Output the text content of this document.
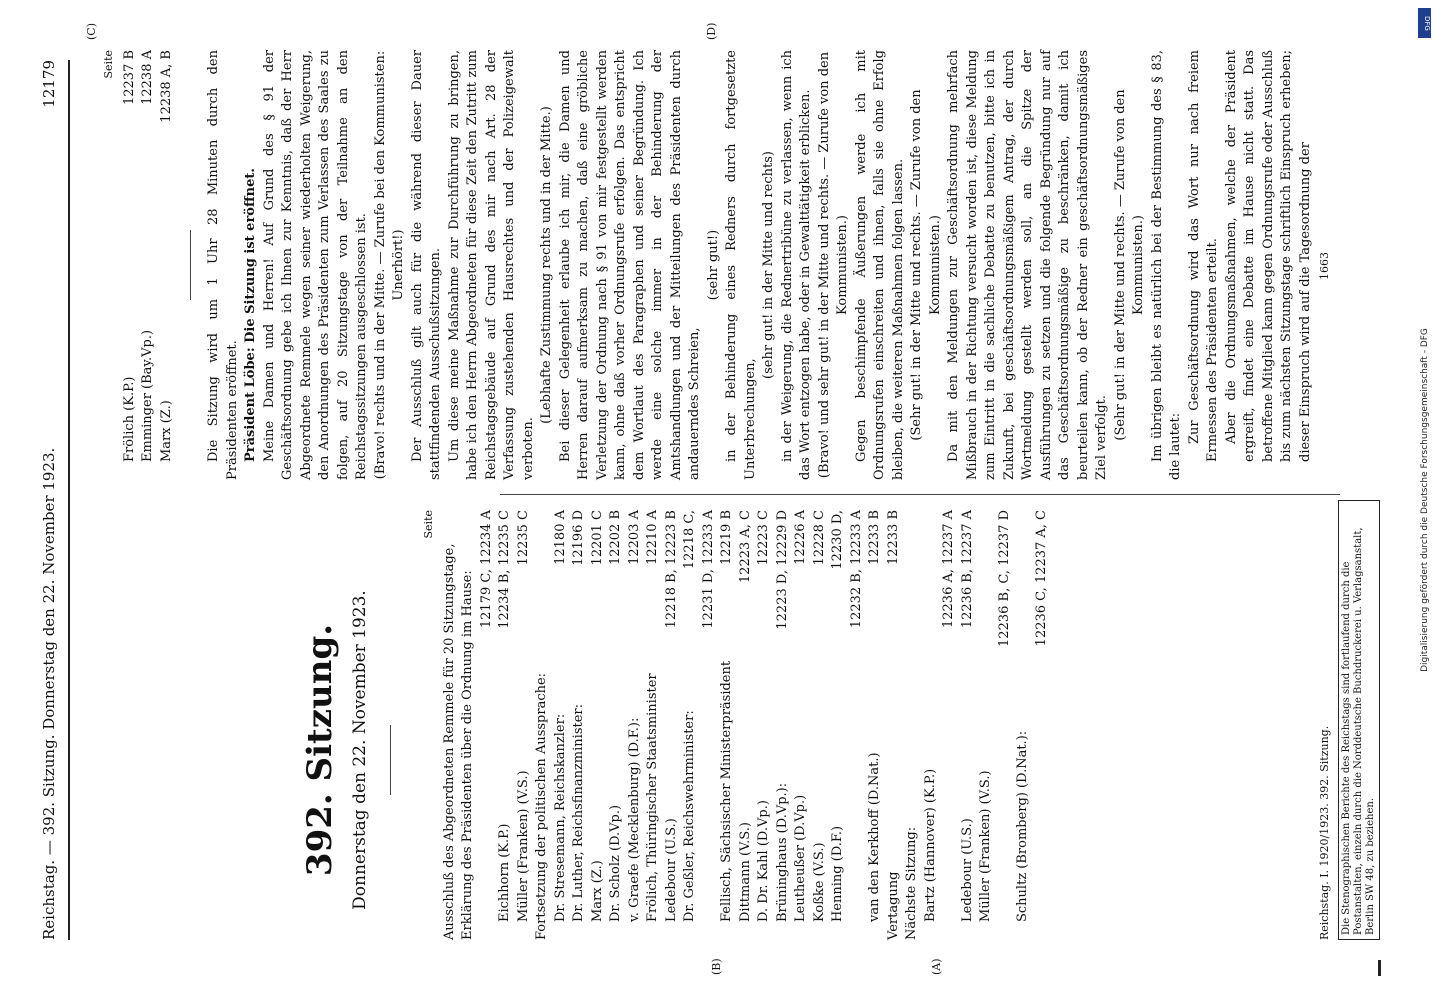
Reichstag. — 392. Sitzung. Donnerstag den 22. November 1923.
12179
(A)
(B)
(C)	(D)
392. Sitzung. Donnerstag den 22. November 1923.
Seite
Ausschluß des Abgeordneten Remmele für 20 Sitzungstage, Erklärung des Präsidenten über die Ordnung im Hause:
12179 C, 12234 A
Eichhorn (K.P.)
12234 B, 12235 C
Müller (Franken) (V.S.)
12235 C
Fortsetzung der politischen Aussprache: Dr. Stresemann, Reichskanzler:
12180 A
Dr. Luther, Reichsfinanzminister:
12196 D
Marx (Z.)
12201 C
Dr. Scholz (D.Vp.)
12202 B
v. Graefe (Mecklenburg) (D.F.):
12203 A
Frölich, Thüringischer Staatsminister
12210 A
Ledebour (U.S.)
12218 B, 12223 B
Dr. Geßler, Reichswehrminister:
12218 C, 12231 D, 12233 A
Fellisch, Sächsischer Ministerpräsident
12219 B
Dittmann (V.S.)
12223 A, C
D. Dr. Kahl (D.Vp.)
12223 C
Brüninghaus (D.Vp.):
12223 D, 12229 D
Leutheußer (D.Vp.)
12226 A
Koßke (V.S.)
12228 C
Henning (D.F.)
12230 D, 12232 B, 12233 A
van den Kerkhoff (D.Nat.)
12233 B
Vertagung
12233 B
Nächste Sitzung: Bartz (Hannover) (K.P.)
12236 A, 12237 A
Ledebour (U.S.)
12236 B, 12237 A
Müller (Franken) (V.S.)
12236 B, C, 12237 D
Schultz (Bromberg) (D.Nat.):
12236 C, 12237 A, C
Seite
Frölich (K.P.)
12237 B
Emminger (Bay.Vp.)
12238 A
Marx (Z.)
12238 A, B	Die Sitzung wird um 1 Uhr 28 Minuten durch den Präsidenten eröffnet. Präsident Löbe: Die Sitzung ist eröffnet. Meine Damen und Herren! Auf Grund des § 91 der Geschäftsordnung gebe ich Ihnen zur Kenntnis, daß der Herr Abgeordnete Remmele wegen seiner wiederholten Weigerung, den Anordnungen des Präsidenten zum Verlassen des Saales zu folgen, auf 20 Sitzungstage von der Teilnahme an den Reichstagssitzungen ausgeschlossen ist. (Bravo! rechts und in der Mitte. — Zurufe bei den Kommunisten: Unerhört!) Der Ausschluß gilt auch für die während dieser Dauer stattfindenden Ausschußsitzungen. Um diese meine Maßnahme zur Durchführung zu bringen, habe ich den Herrn Abgeordneten für diese Zeit den Zutritt zum Reichstagsgebäude auf Grund des mir nach Art. 28 der Verfassung zustehenden Hausrechtes und der Polizeigewalt verboten.

(Lebhafte Zustimmung rechts und in der Mitte.) Bei dieser Gelegenheit erlaube ich mir, die Damen und Herren darauf aufmerksam zu machen, daß eine gröbliche Verletzung der Ordnung nach § 91 von mir festgestellt werden kann, ohne daß vorher Ordnungsrufe erfolgen. Das entspricht dem Wortlaut des Paragraphen und seiner Begründung. Ich werde eine solche immer in der Behinderung der Amtshandlungen und der Mitteilungen des Präsidenten durch andauerndes Schreien,

(sehr gut!) in der Behinderung eines Redners durch fortgesetzte Unterbrechungen,

(sehr gut! in der Mitte und rechts) in der Weigerung, die Rednertribüne zu verlassen, wenn ich das Wort entzogen habe, oder in Gewalttätigkeit erblicken. (Bravo! und sehr gut! in der Mitte und rechts. — Zurufe von den Kommunisten.) Gegen beschimpfende Äußerungen werde ich mit Ordnungsrufen einschreiten und ihnen, falls sie ohne Erfolg bleiben, die weiteren Maßnahmen folgen lassen. (Sehr gut! in der Mitte und rechts. — Zurufe von den Kommunisten.) Da mit den Meldungen zur Geschäftsordnung mehrfach Mißbrauch in der Richtung versucht worden ist, diese Meldung zum Eintritt in die sachliche Debatte zu benutzen, bitte ich in Zukunft, bei geschäftsordnungsmäßigem Antrag, der durch Wortmeldung gestellt werden soll, an die Spitze der Ausführungen zu setzen und die folgende Begründung nur auf das Geschäftsordnungsmäßige zu beschränken, damit ich beurteilen kann, ob der Redner ein geschäftsordnungsmäßiges Ziel verfolgt. (Sehr gut! in der Mitte und rechts. — Zurufe von den Kommunisten.) Im übrigen bleibt es natürlich bei der Bestimmung des § 83, die lautet:

Zur Geschäftsordnung wird das Wort nur nach freiem Ermessen des Präsidenten erteilt. Aber die Ordnungsmaßnahmen, welche der Präsident ergreift, findet eine Debatte im Hause nicht statt. Das betroffene Mitglied kann gegen Ordnungsrufe oder Ausschluß bis zum nächsten Sitzungstage schriftlich Einspruch erheben; dieser Einspruch wird auf die Tagesordnung der

Reichstag. I. 1920/1923. 392. Sitzung.
1663
Die Stenographischen Berichte des Reichstags sind fortlaufend durch die Postanstalten, einzeln durch die Norddeutsche Buchdruckerei u. Verlagsanstalt, Berlin SW 48, zu beziehen.
DFG
Digitalisierung gefördert durch die Deutsche Forschungsgemeinschaft - DFG
